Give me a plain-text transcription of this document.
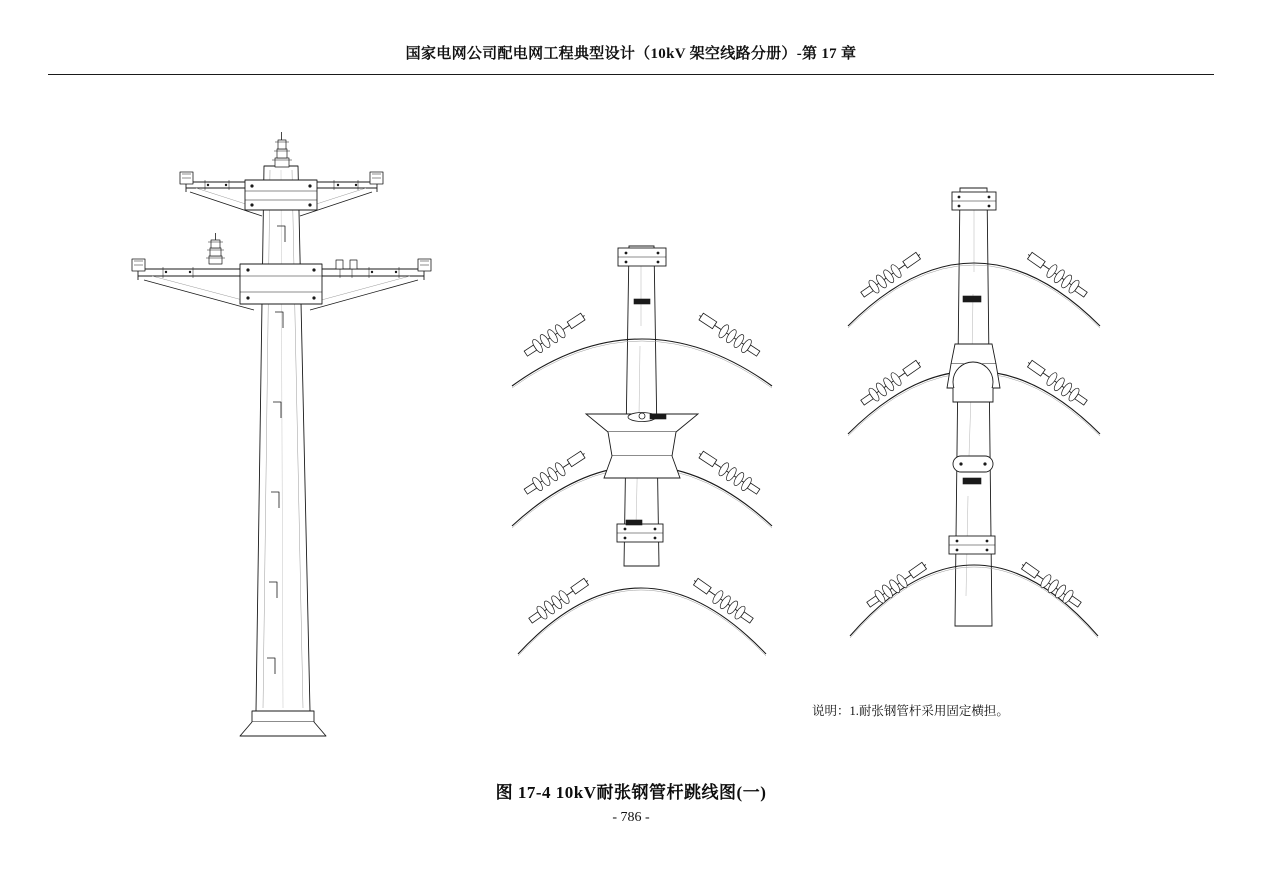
国家电网公司配电网工程典型设计（10kV 架空线路分册）-第 17 章
说明：1.耐张钢管杆采用固定横担。
图 17-4 10kV耐张钢管杆跳线图(一)
- 786 -
